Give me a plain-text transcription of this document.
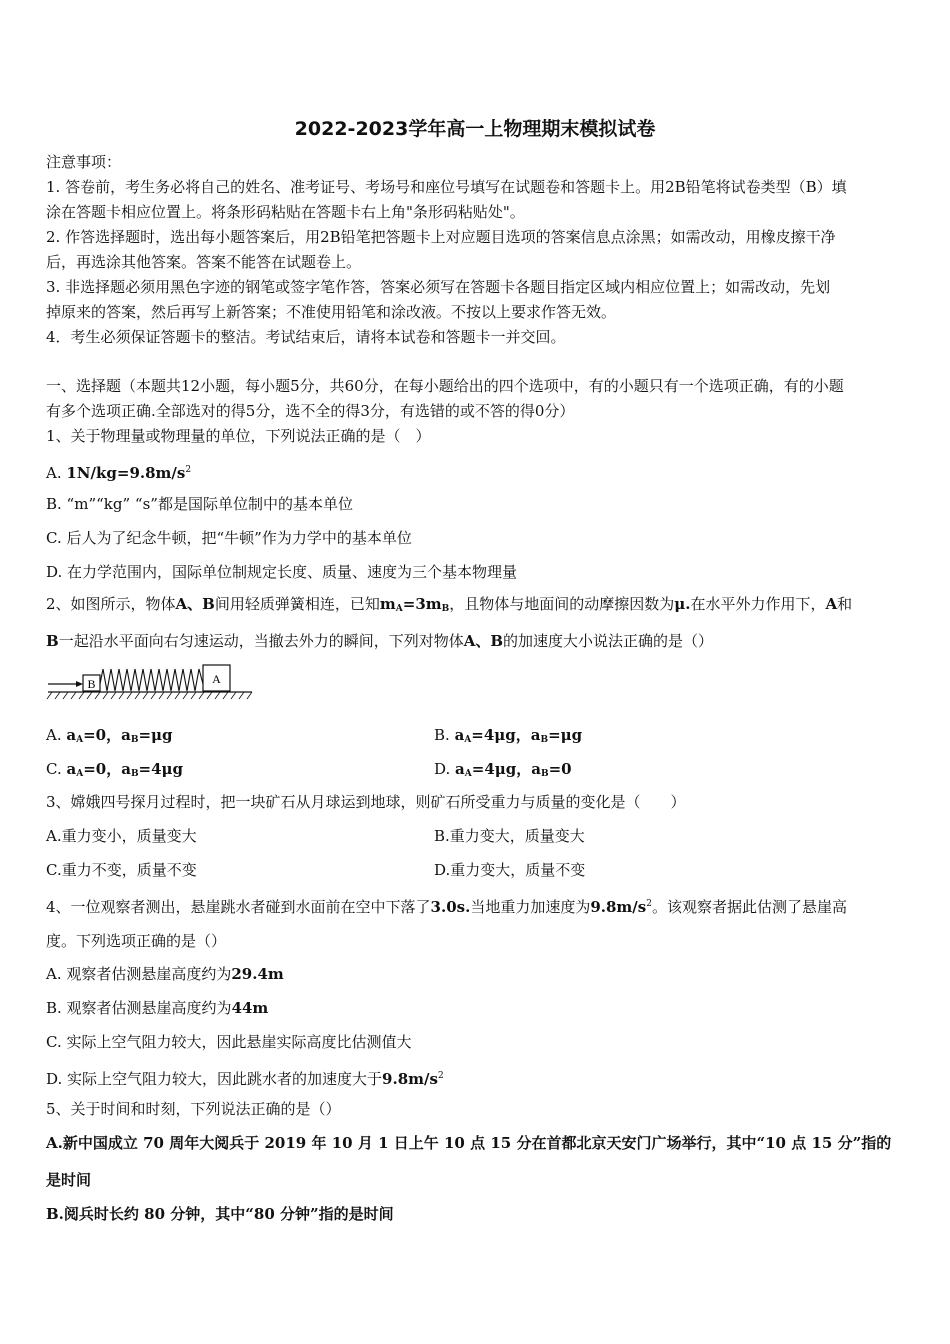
2022-2023学年高一上物理期末模拟试卷
注意事项：
1. 答卷前，考生务必将自己的姓名、准考证号、考场号和座位号填写在试题卷和答题卡上。用2B铅笔将试卷类型（B）填
涂在答题卡相应位置上。将条形码粘贴在答题卡右上角"条形码粘贴处"。
2. 作答选择题时，选出每小题答案后，用2B铅笔把答题卡上对应题目选项的答案信息点涂黑；如需改动，用橡皮擦干净
后，再选涂其他答案。答案不能答在试题卷上。
3. 非选择题必须用黑色字迹的钢笔或签字笔作答，答案必须写在答题卡各题目指定区域内相应位置上；如需改动，先划
掉原来的答案，然后再写上新答案；不准使用铅笔和涂改液。不按以上要求作答无效。
4．考生必须保证答题卡的整洁。考试结束后，请将本试卷和答题卡一并交回。
一、选择题（本题共12小题，每小题5分，共60分，在每小题给出的四个选项中，有的小题只有一个选项正确，有的小题
有多个选项正确.全部选对的得5分，选不全的得3分，有选错的或不答的得0分）
1、关于物理量或物理量的单位，下列说法正确的是（　）
A. $1N/kg=9.8m/s^2$
B. “m”“kg” “s”都是国际单位制中的基本单位
C. 后人为了纪念牛顿，把“牛顿”作为力学中的基本单位
D. 在力学范围内，国际单位制规定长度、质量、速度为三个基本物理量
2、如图所示，物体A、B间用轻质弹簧相连，已知$m_A=3m_B$，且物体与地面间的动摩擦因数为μ.在水平外力作用下，A和
B一起沿水平面向右匀速运动，当撤去外力的瞬间，下列对物体A、B的加速度大小说法正确的是（）
B	A
A. $a_A=0$，$a_B=\mu g$	B. $a_A=4\mu g$，$a_B=\mu g$
C. $a_A=0$，$a_B=4\mu g$	D. $a_A=4\mu g$，$a_B=0$
3、嫦娥四号探月过程时，把一块矿石从月球运到地球，则矿石所受重力与质量的变化是（　　）
A.重力变小，质量变大	B.重力变大，质量变大
C.重力不变，质量不变	D.重力变大，质量不变
4、一位观察者测出，悬崖跳水者碰到水面前在空中下落了3.0s.当地重力加速度为$9.8m/s^2$。该观察者据此估测了悬崖高
度。下列选项正确的是（）
A. 观察者估测悬崖高度约为29.4m
B. 观察者估测悬崖高度约为44m
C. 实际上空气阻力较大，因此悬崖实际高度比估测值大
D. 实际上空气阻力较大，因此跳水者的加速度大于$9.8m/s^2$
5、关于时间和时刻，下列说法正确的是（）
A.新中国成立 70 周年大阅兵于 2019 年 10 月 1 日上午 10 点 15 分在首都北京天安门广场举行，其中“10 点 15 分”指的
是时间
B.阅兵时长约 80 分钟，其中“80 分钟”指的是时间
